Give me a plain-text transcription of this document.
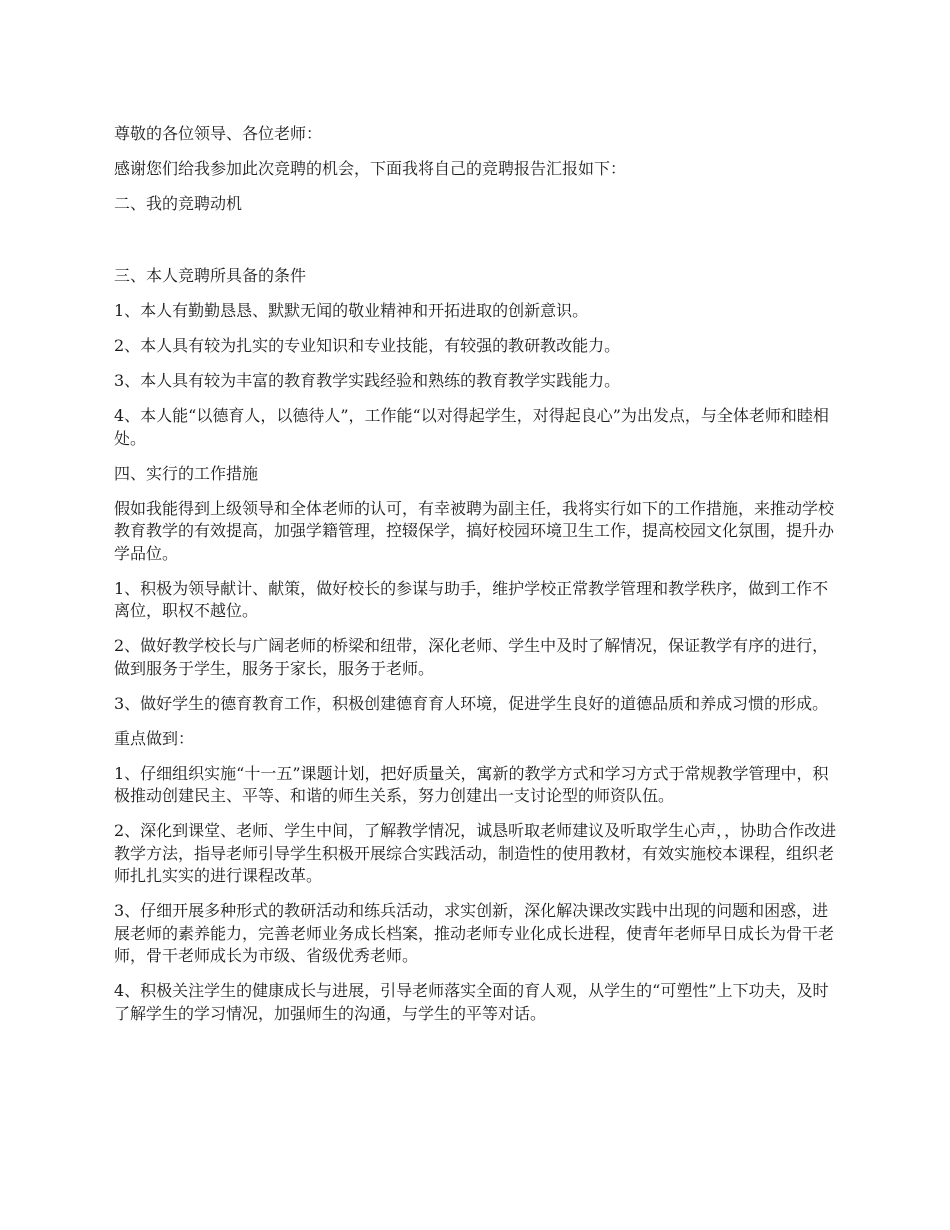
尊敬的各位领导、各位老师：

感谢您们给我参加此次竞聘的机会，下面我将自己的竞聘报告汇报如下：

二、我的竞聘动机

三、本人竞聘所具备的条件

1、本人有勤勤恳恳、默默无闻的敬业精神和开拓进取的创新意识。

2、本人具有较为扎实的专业知识和专业技能，有较强的教研教改能力。

3、本人具有较为丰富的教育教学实践经验和熟练的教育教学实践能力。

4、本人能“以德育人，以德待人”，工作能“以对得起学生，对得起良心”为出发点，与全体老师和睦相处。

四、实行的工作措施

假如我能得到上级领导和全体老师的认可，有幸被聘为副主任，我将实行如下的工作措施，来推动学校教育教学的有效提高，加强学籍管理，控辍保学，搞好校园环境卫生工作，提高校园文化氛围，提升办学品位。

1、积极为领导献计、献策，做好校长的参谋与助手，维护学校正常教学管理和教学秩序，做到工作不离位，职权不越位。

2、做好教学校长与广阔老师的桥梁和纽带，深化老师、学生中及时了解情况，保证教学有序的进行，做到服务于学生，服务于家长，服务于老师。

3、做好学生的德育教育工作，积极创建德育育人环境，促进学生良好的道德品质和养成习惯的形成。

重点做到：

1、仔细组织实施“十一五”课题计划，把好质量关，寓新的教学方式和学习方式于常规教学管理中，积极推动创建民主、平等、和谐的师生关系，努力创建出一支讨论型的师资队伍。

2、深化到课堂、老师、学生中间，了解教学情况，诚恳听取老师建议及听取学生心声，，协助合作改进教学方法，指导老师引导学生积极开展综合实践活动，制造性的使用教材，有效实施校本课程，组织老师扎扎实实的进行课程改革。

3、仔细开展多种形式的教研活动和练兵活动，求实创新，深化解决课改实践中出现的问题和困惑，进展老师的素养能力，完善老师业务成长档案，推动老师专业化成长进程，使青年老师早日成长为骨干老师，骨干老师成长为市级、省级优秀老师。

4、积极关注学生的健康成长与进展，引导老师落实全面的育人观，从学生的“可塑性”上下功夫，及时了解学生的学习情况，加强师生的沟通，与学生的平等对话。
